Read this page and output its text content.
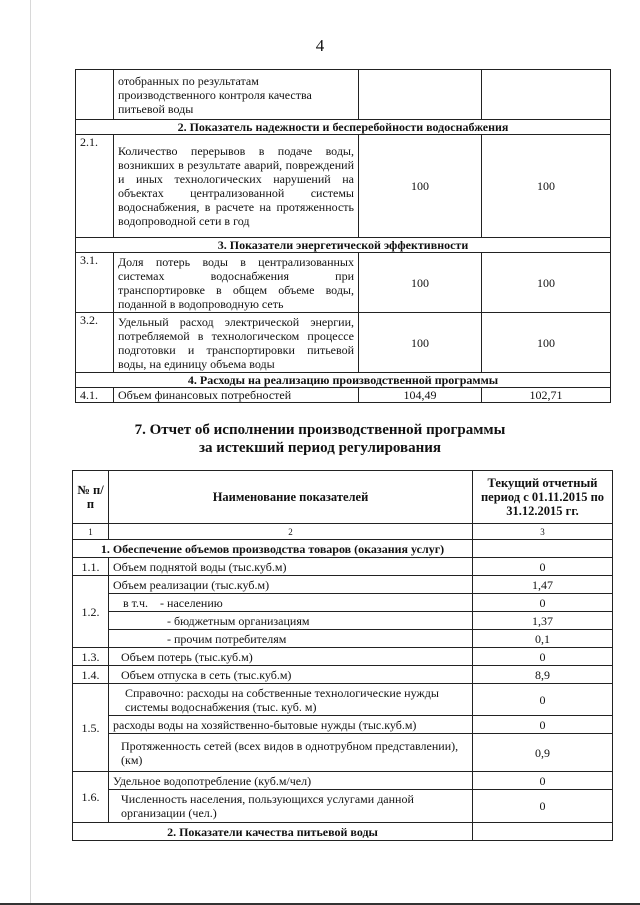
4
	отобранных по результатам производственного контроля качества питьевой воды		
2. Показатель надежности и бесперебойности водоснабжения			
2.1.	Количество перерывов в подаче воды, возникших в результате аварий, повреждений и иных технологических нарушений на объектах централизованной системы водоснабжения, в расчете на протяженность водопроводной сети в год	100	100
3. Показатели энергетической эффективности			
3.1.	Доля потерь воды в централизованных системах водоснабжения при транспортировке в общем объеме воды, поданной в водопроводную сеть	100	100
3.2.	Удельный расход электрической энергии, потребляемой в технологическом процессе подготовки и транспортировки питьевой воды, на единицу объема воды	100	100
4. Расходы на реализацию производственной программы			
4.1.	Объем финансовых потребностей	104,49	102,71
7. Отчет об исполнении производственной программы
за истекший период регулирования
№ п/п	Наименование показателей	Текущий отчетный период с 01.11.2015 по 31.12.2015 гг.
1	2	3
1. Обеспечение объемов производства товаров (оказания услуг)		
1.1.	Объем поднятой воды (тыс.куб.м)	0
1.2.	Объем реализации (тыс.куб.м)	1,47
	в т.ч. - населению	0
	- бюджетным организациям	1,37
	- прочим потребителям	0,1
1.3.	Объем потерь (тыс.куб.м)	0
1.4.	Объем отпуска в сеть (тыс.куб.м)	8,9
1.5.	Справочно: расходы на собственные технологические нужды системы водоснабжения (тыс. куб. м)	0
	расходы воды на хозяйственно-бытовые нужды (тыс.куб.м)	0
	Протяженность сетей (всех видов в однотрубном представлении), (км)	0,9
1.6.	Удельное водопотребление (куб.м/чел)	0
	Численность населения, пользующихся услугами данной организации (чел.)	0
2. Показатели качества питьевой воды		
